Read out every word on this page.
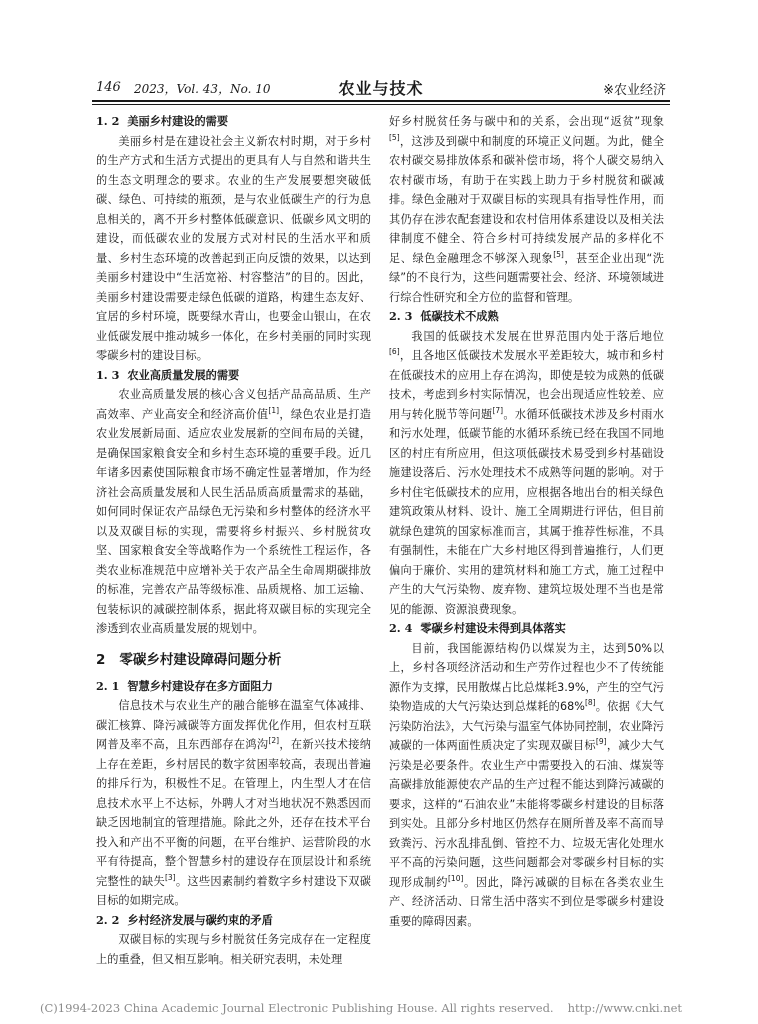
146 2023，Vol. 43，No. 10	农业与技术	※农业经济
1. 2 美丽乡村建设的需要

美丽乡村是在建设社会主义新农村时期，对于乡村的生产方式和生活方式提出的更具有人与自然和谐共生的生态文明理念的要求。农业的生产发展要想突破低碳、绿色、可持续的瓶颈，是与农业低碳生产的行为息息相关的，离不开乡村整体低碳意识、低碳乡风文明的建设，而低碳农业的发展方式对村民的生活水平和质量、乡村生态环境的改善起到正向反馈的效果，以达到美丽乡村建设中“生活宽裕、村容整洁”的目的。因此，美丽乡村建设需要走绿色低碳的道路，构建生态友好、宜居的乡村环境，既要绿水青山，也要金山银山，在农业低碳发展中推动城乡一体化，在乡村美丽的同时实现零碳乡村的建设目标。

1. 3 农业高质量发展的需要

农业高质量发展的核心含义包括产品高品质、生产高效率、产业高安全和经济高价值[1]，绿色农业是打造农业发展新局面、适应农业发展新的空间布局的关键，是确保国家粮食安全和乡村生态环境的重要手段。近几年诸多因素使国际粮食市场不确定性显著增加，作为经济社会高质量发展和人民生活品质高质量需求的基础，如何同时保证农产品绿色无污染和乡村整体的经济水平以及双碳目标的实现，需要将乡村振兴、乡村脱贫攻坚、国家粮食安全等战略作为一个系统性工程运作，各类农业标准规范中应增补关于农产品全生命周期碳排放的标准，完善农产品等级标准、品质规格、加工运输、包装标识的减碳控制体系，据此将双碳目标的实现完全渗透到农业高质量发展的规划中。

2 零碳乡村建设障碍问题分析
2. 1 智慧乡村建设存在多方面阻力

信息技术与农业生产的融合能够在温室气体减排、碳汇核算、降污减碳等方面发挥优化作用，但农村互联网普及率不高，且东西部存在鸿沟[2]，在新兴技术接纳上存在差距，乡村居民的数字贫困率较高，表现出普遍的排斥行为，积极性不足。在管理上，内生型人才在信息技术水平上不达标，外聘人才对当地状况不熟悉因而缺乏因地制宜的管理措施。除此之外，还存在技术平台投入和产出不平衡的问题，在平台维护、运营阶段的水平有待提高，整个智慧乡村的建设存在顶层设计和系统完整性的缺失[3]。这些因素制约着数字乡村建设下双碳目标的如期完成。

2. 2 乡村经济发展与碳约束的矛盾

双碳目标的实现与乡村脱贫任务完成存在一定程度上的重叠，但又相互影响。相关研究表明，未处理

好乡村脱贫任务与碳中和的关系，会出现“返贫”现象[5]，这涉及到碳中和制度的环境正义问题。为此，健全农村碳交易排放体系和碳补偿市场，将个人碳交易纳入农村碳市场，有助于在实践上助力于乡村脱贫和碳减排。绿色金融对于双碳目标的实现具有指导性作用，而其仍存在涉农配套建设和农村信用体系建设以及相关法律制度不健全、符合乡村可持续发展产品的多样化不足、绿色金融理念不够深入现象[5]，甚至企业出现“洗绿”的不良行为，这些问题需要社会、经济、环境领域进行综合性研究和全方位的监督和管理。

2. 3 低碳技术不成熟

我国的低碳技术发展在世界范围内处于落后地位[6]，且各地区低碳技术发展水平差距较大，城市和乡村在低碳技术的应用上存在鸿沟，即使是较为成熟的低碳技术，考虑到乡村实际情况，也会出现适应性较差、应用与转化脱节等问题[7]。水循环低碳技术涉及乡村雨水和污水处理，低碳节能的水循环系统已经在我国不同地区的村庄有所应用，但这项低碳技术易受到乡村基础设施建设落后、污水处理技术不成熟等问题的影响。对于乡村住宅低碳技术的应用，应根据各地出台的相关绿色建筑政策从材料、设计、施工全周期进行评估，但目前就绿色建筑的国家标准而言，其属于推荐性标准，不具有强制性，未能在广大乡村地区得到普遍推行，人们更偏向于廉价、实用的建筑材料和施工方式，施工过程中产生的大气污染物、废弃物、建筑垃圾处理不当也是常见的能源、资源浪费现象。

2. 4 零碳乡村建设未得到具体落实

目前，我国能源结构仍以煤炭为主，达到50%以上，乡村各项经济活动和生产劳作过程也少不了传统能源作为支撑，民用散煤占比总煤耗3.9%，产生的空气污染物造成的大气污染达到总煤耗的68%[8]。依据《大气污染防治法》，大气污染与温室气体协同控制，农业降污减碳的一体两面性质决定了实现双碳目标[9]，减少大气污染是必要条件。农业生产中需要投入的石油、煤炭等高碳排放能源使农产品的生产过程不能达到降污减碳的要求，这样的“石油农业”未能将零碳乡村建设的目标落到实处。且部分乡村地区仍然存在厕所普及率不高而导致粪污、污水乱排乱倒、管控不力、垃圾无害化处理水平不高的污染问题，这些问题都会对零碳乡村目标的实现形成制约[10]。因此，降污减碳的目标在各类农业生产、经济活动、日常生活中落实不到位是零碳乡村建设重要的障碍因素。

(C)1994-2023 China Academic Journal Electronic Publishing House. All rights reserved. http://www.cnki.net
